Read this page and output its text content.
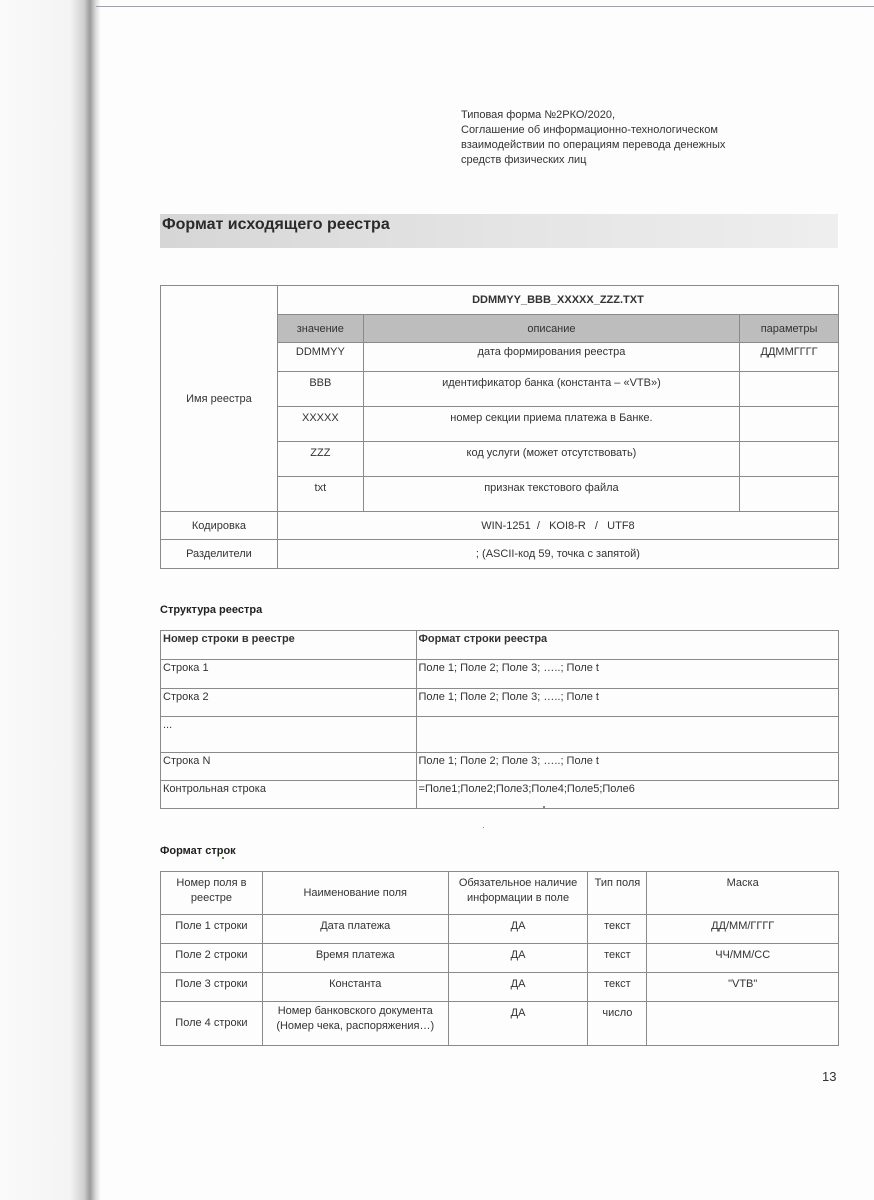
Типовая форма №2РКО/2020,
Соглашение об информационно-технологическом
взаимодействии по операциям перевода денежных
средств физических лиц
Формат исходящего реестра
Имя реестра	DDMMYY_BBB_XXXXX_ZZZ.TXT		
	значение	описание	параметры
	DDMMYY	дата формирования реестра	ДДММГГГГ
	BBB	идентификатор банка (константа – «VTB»)	
	XXXXX	номер секции приема платежа в Банке.	
	ZZZ	код услуги (может отсутствовать)	
	txt	признак текстового файла	
Кодировка	WIN-1251  /   KOI8-R   /   UTF8		
Разделители	; (ASCII-код 59, точка с запятой)		
Структура реестра
Номер строки в реестре	Формат строки реестра
Строка 1	Поле 1; Поле 2; Поле 3; …..; Поле t
Строка 2	Поле 1; Поле 2; Поле 3; …..; Поле t
...	
Строка N	Поле 1; Поле 2; Поле 3; …..; Поле t
Контрольная строка	=Поле1;Поле2;Поле3;Поле4;Поле5;Поле6
Формат строк
Номер поля в реестре	Наименование поля	Обязательное наличие информации в поле	Тип поля	Маска
Поле 1 строки	Дата платежа	ДА	текст	ДД/ММ/ГГГГ
Поле 2 строки	Время платежа	ДА	текст	ЧЧ/ММ/СС
Поле 3 строки	Константа	ДА	текст	"VTB"
Поле 4 строки	Номер банковского документа (Номер чека, распоряжения…)	ДА	число	
13
